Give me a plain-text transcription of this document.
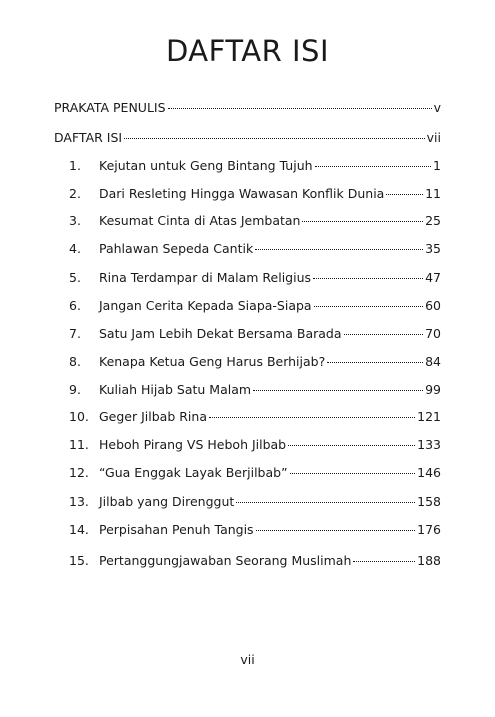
DAFTAR ISI
PRAKATA PENULIS	v
DAFTAR ISI	vii
1.	Kejutan untuk Geng Bintang Tujuh	1
2.	Dari Resleting Hingga Wawasan Konflik Dunia	11
3.	Kesumat Cinta di Atas Jembatan	25
4.	Pahlawan Sepeda Cantik	35
5.	Rina Terdampar di Malam Religius	47
6.	Jangan Cerita Kepada Siapa-Siapa	60
7.	Satu Jam Lebih Dekat Bersama Barada	70
8.	Kenapa Ketua Geng Harus Berhijab?	84
9.	Kuliah Hijab Satu Malam	99
10. Geger Jilbab Rina	121
11. Heboh Pirang VS Heboh Jilbab	133
12. “Gua Enggak Layak Berjilbab”	146
13. Jilbab yang Direnggut	158
14. Perpisahan Penuh Tangis	176
15. Pertanggungjawaban Seorang Muslimah	188
vii
